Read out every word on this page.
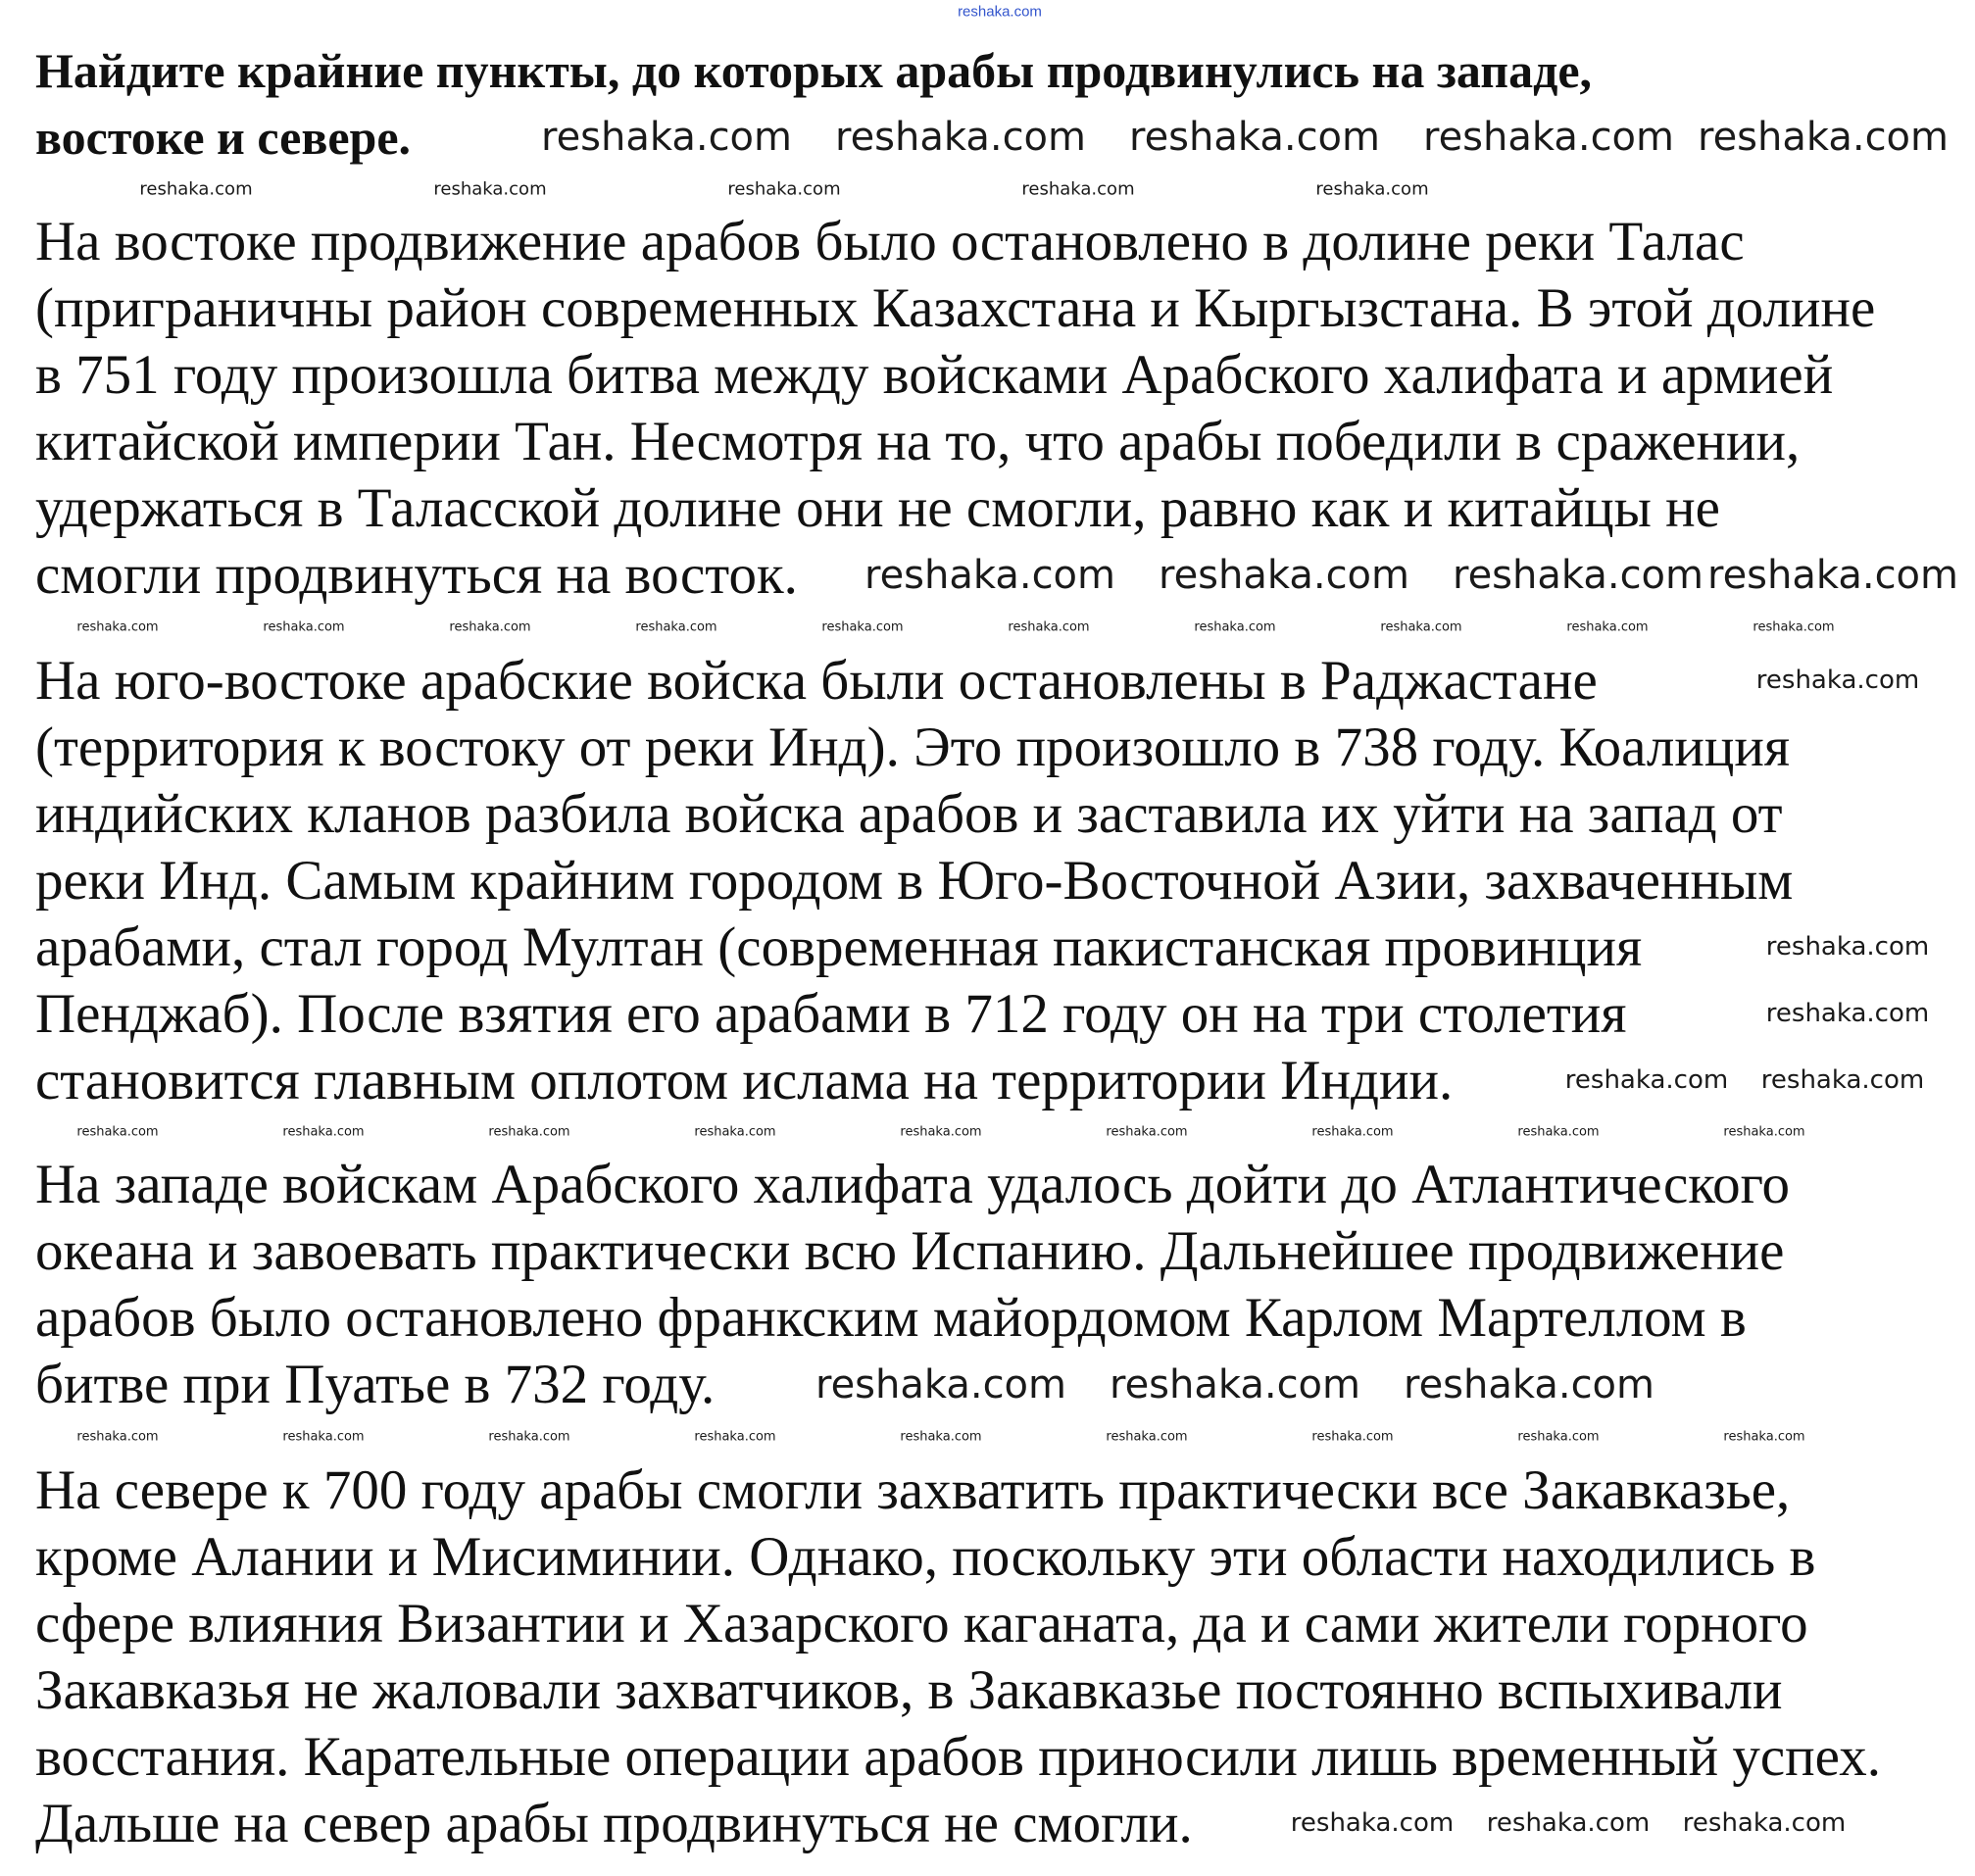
reshaka.com
Найдите крайние пункты, до которых арабы продвинулись на западе,
востоке и севере.
На востоке продвижение арабов было остановлено в долине реки Талас
(приграничны район современных Казахстана и Кыргызстана. В этой долине
в 751 году произошла битва между войсками Арабского халифата и армией
китайской империи Тан. Несмотря на то, что арабы победили в сражении,
удержаться в Таласской долине они не смогли, равно как и китайцы не
смогли продвинуться на восток.
На юго-востоке арабские войска были остановлены в Раджастане
(территория к востоку от реки Инд). Это произошло в 738 году. Коалиция
индийских кланов разбила войска арабов и заставила их уйти на запад от
реки Инд. Самым крайним городом в Юго-Восточной Азии, захваченным
арабами, стал город Мултан (современная пакистанская провинция
Пенджаб). После взятия его арабами в 712 году он на три столетия
становится главным оплотом ислама на территории Индии.
На западе войскам Арабского халифата удалось дойти до Атлантического
океана и завоевать практически всю Испанию. Дальнейшее продвижение
арабов было остановлено франкским майордомом Карлом Мартеллом в
битве при Пуатье в 732 году.
На севере к 700 году арабы смогли захватить практически все Закавказье,
кроме Алании и Мисиминии. Однако, поскольку эти области находились в
сфере влияния Византии и Хазарского каганата, да и сами жители горного
Закавказья не жаловали захватчиков, в Закавказье постоянно вспыхивали
восстания. Карательные операции арабов приносили лишь временный успех.
Дальше на север арабы продвинуться не смогли.
reshaka.com reshaka.com reshaka.com reshaka.com reshaka.com
reshaka.com reshaka.com reshaka.com reshaka.com
reshaka.com reshaka.com reshaka.com
reshaka.com reshaka.com reshaka.com
reshaka.com reshaka.com
reshaka.com
reshaka.com
reshaka.com
reshaka.com	reshaka.com	reshaka.com	reshaka.com	reshaka.com
reshaka.com	reshaka.com	reshaka.com	reshaka.com	reshaka.com	reshaka.com	reshaka.com	reshaka.com	reshaka.com	reshaka.com
reshaka.com	reshaka.com	reshaka.com	reshaka.com	reshaka.com	reshaka.com	reshaka.com	reshaka.com	reshaka.com
reshaka.com	reshaka.com	reshaka.com	reshaka.com	reshaka.com	reshaka.com	reshaka.com	reshaka.com	reshaka.com
